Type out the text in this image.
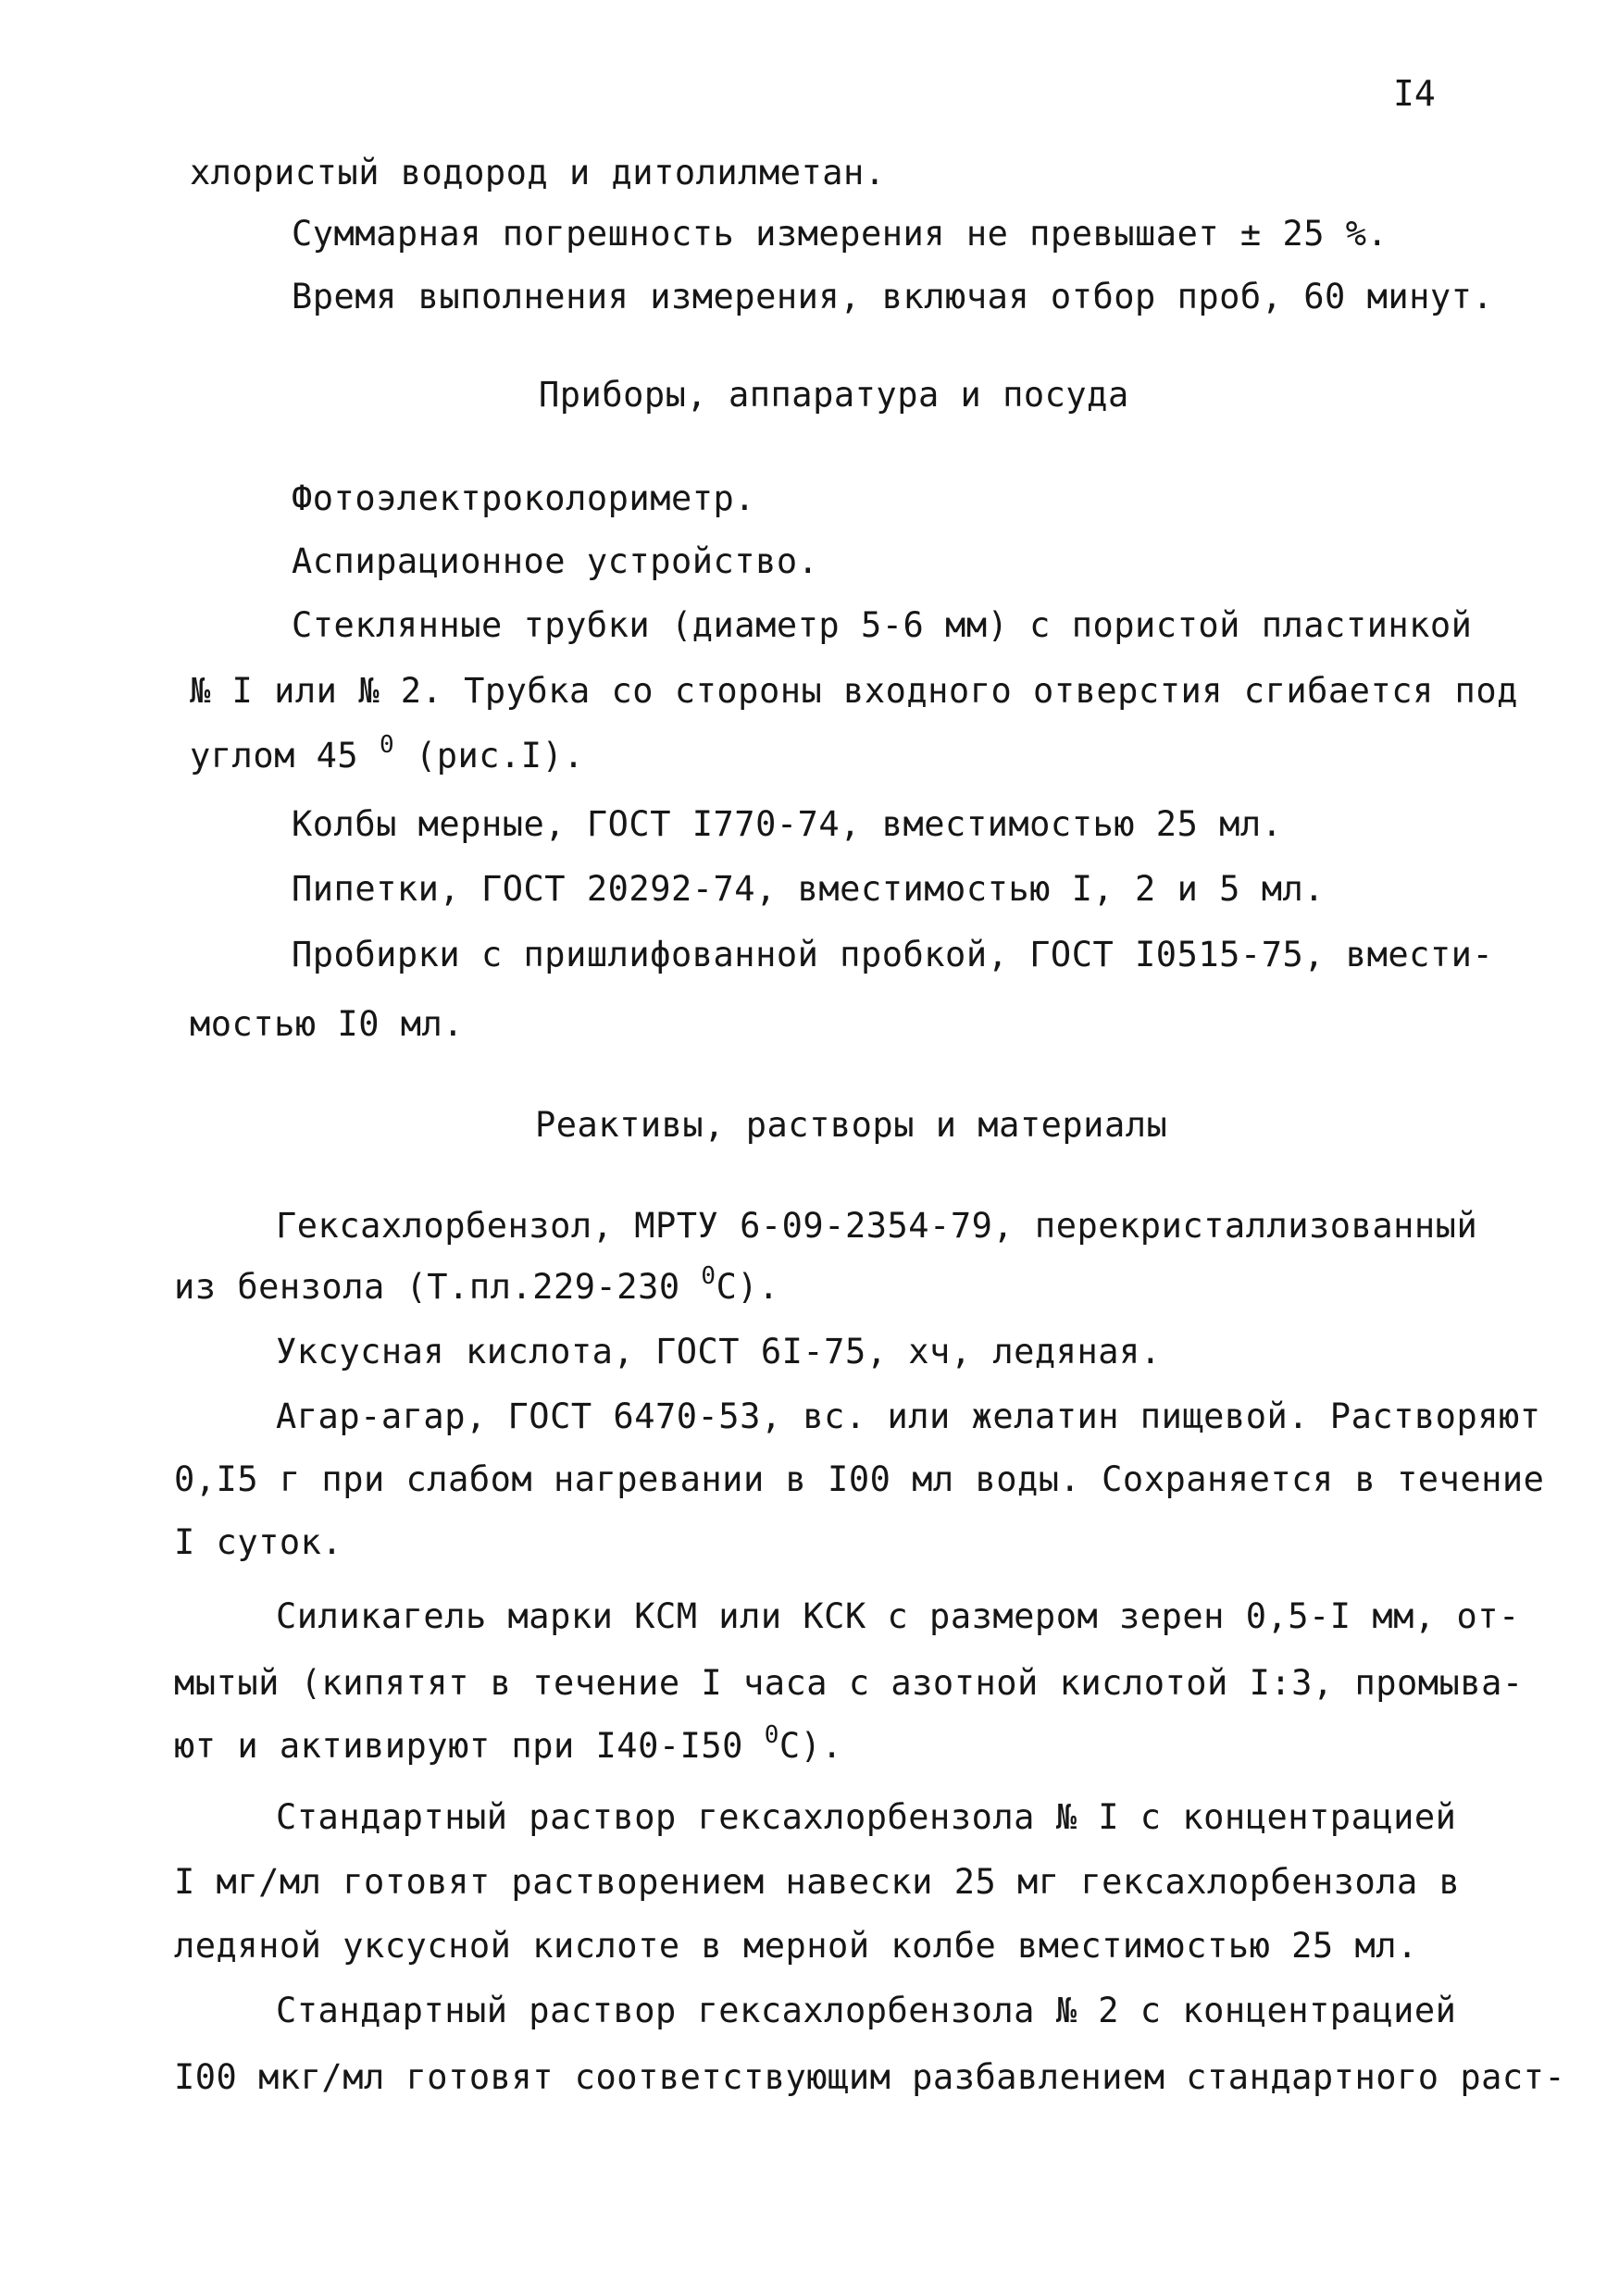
I4
хлористый водород и дитолилметан.
Суммарная погрешность измерения не превышает ± 25 %.
Время выполнения измерения, включая отбор проб, 60 минут.
Приборы, аппаратура и посуда
Фотоэлектроколориметр.
Аспирационное устройство.
Стеклянные трубки (диаметр 5-6 мм) с пористой пластинкой
№ I или № 2. Трубка со стороны входного отверстия сгибается под
углом 45 $^0$ (рис.I).
Колбы мерные, ГОСТ I770-74, вместимостью 25 мл.
Пипетки, ГОСТ 20292-74, вместимостью I, 2 и 5 мл.
Пробирки с пришлифованной пробкой, ГОСТ I0515-75, вмести-
мостью I0 мл.
Реактивы, растворы и материалы
Гексахлорбензол, МРТУ 6-09-2354-79, перекристаллизованный
из бензола (Т.пл.229-230 $^0$С).
Уксусная кислота, ГОСТ 6I-75, хч, ледяная.
Агар-агар, ГОСТ 6470-53, вс. или желатин пищевой. Растворяют
0,I5 г при слабом нагревании в I00 мл воды. Сохраняется в течение
I суток.
Силикагель марки КСМ или КСК с размером зерен 0,5-I мм, от-
мытый (кипятят в течение I часа с азотной кислотой I:3, промыва-
ют и активируют при I40-I50 $^0$С).
Стандартный раствор гексахлорбензола № I с концентрацией
I мг/мл готовят растворением навески 25 мг гексахлорбензола в
ледяной уксусной кислоте в мерной колбе вместимостью 25 мл.
Стандартный раствор гексахлорбензола № 2 с концентрацией
I00 мкг/мл готовят соответствующим разбавлением стандартного раст-
